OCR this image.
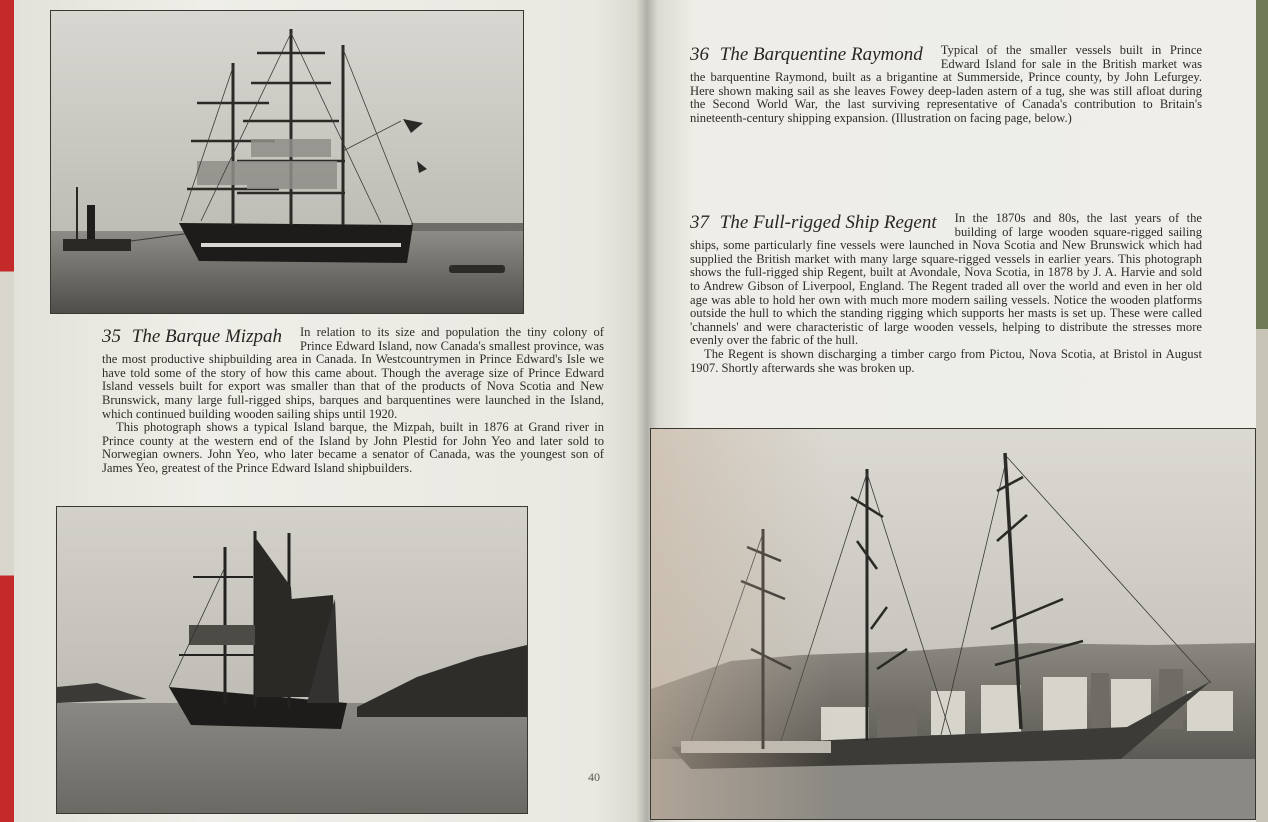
35 The Barque Mizpah	In relation to its size and population the tiny colony of Prince Edward Island, now Canada's smallest province, was the most productive shipbuilding area in Canada. In Westcountrymen in Prince Edward's Isle we have told some of the story of how this came about. Though the average size of Prince Edward Island vessels built for export was smaller than that of the products of Nova Scotia and New Brunswick, many large full-rigged ships, barques and barquentines were launched in the Island, which continued building wooden sailing ships until 1920.

This photograph shows a typical Island barque, the Mizpah, built in 1876 at Grand river in Prince county at the western end of the Island by John Plestid for John Yeo and later sold to Norwegian owners. John Yeo, who later became a senator of Canada, was the youngest son of James Yeo, greatest of the Prince Edward Island shipbuilders.

40
36 The Barquentine Raymond	Typical of the smaller vessels built in Prince Edward Island for sale in the British market was the barquentine Raymond, built as a brigantine at Summerside, Prince county, by John Lefurgey. Here shown making sail as she leaves Fowey deep-laden astern of a tug, she was still afloat during the Second World War, the last surviving representative of Canada's contribution to Britain's nineteenth-century shipping expansion. (Illustration on facing page, below.)

37 The Full-rigged Ship Regent	In the 1870s and 80s, the last years of the building of large wooden square-rigged sailing ships, some particularly fine vessels were launched in Nova Scotia and New Brunswick which had supplied the British market with many large square-rigged vessels in earlier years. This photograph shows the full-rigged ship Regent, built at Avondale, Nova Scotia, in 1878 by J. A. Harvie and sold to Andrew Gibson of Liverpool, England. The Regent traded all over the world and even in her old age was able to hold her own with much more modern sailing vessels. Notice the wooden platforms outside the hull to which the standing rigging which supports her masts is set up. These were called 'channels' and were characteristic of large wooden vessels, helping to distribute the stresses more evenly over the fabric of the hull.

The Regent is shown discharging a timber cargo from Pictou, Nova Scotia, at Bristol in August 1907. Shortly afterwards she was broken up.
